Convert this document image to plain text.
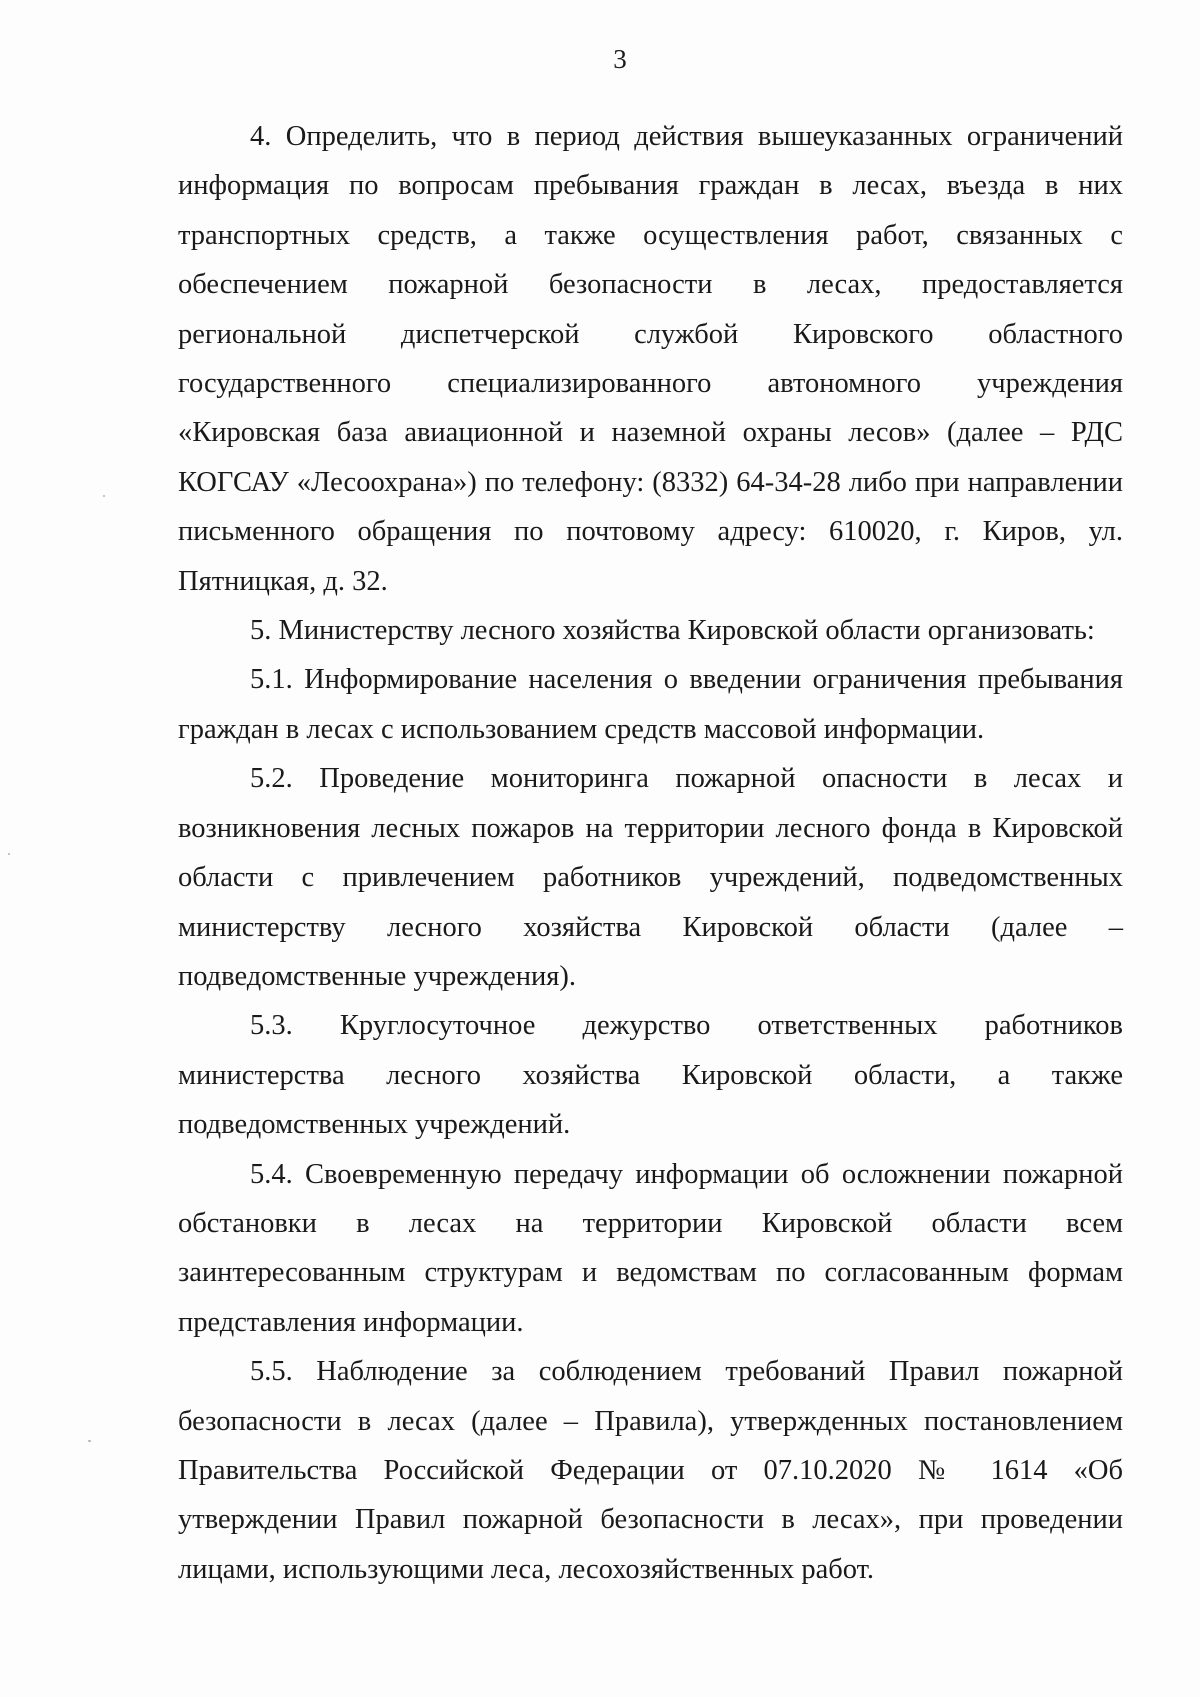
3

4. Определить, что в период действия вышеуказанных ограничений информация по вопросам пребывания граждан в лесах, въезда в них транспортных средств, а также осуществления работ, связанных с обеспечением пожарной безопасности в лесах, предоставляется региональной диспетчерской службой Кировского областного государственного специализированного автономного учреждения «Кировская база авиационной и наземной охраны лесов» (далее – РДС КОГСАУ «Лесоохрана») по телефону: (8332) 64-34-28 либо при направлении письменного обращения по почтовому адресу: 610020, г. Киров, ул. Пятницкая, д. 32.

5. Министерству лесного хозяйства Кировской области организовать:

5.1. Информирование населения о введении ограничения пребывания граждан в лесах с использованием средств массовой информации.

5.2. Проведение мониторинга пожарной опасности в лесах и возникновения лесных пожаров на территории лесного фонда в Кировской области с привлечением работников учреждений, подведомственных министерству лесного хозяйства Кировской области (далее – подведомственные учреждения).

5.3. Круглосуточное дежурство ответственных работников министерства лесного хозяйства Кировской области, а также подведомственных учреждений.

5.4. Своевременную передачу информации об осложнении пожарной обстановки в лесах на территории Кировской области всем заинтересованным структурам и ведомствам по согласованным формам представления информации.

5.5. Наблюдение за соблюдением требований Правил пожарной безопасности в лесах (далее – Правила), утвержденных постановлением Правительства Российской Федерации от 07.10.2020 № 1614 «Об утверждении Правил пожарной безопасности в лесах», при проведении лицами, использующими леса, лесохозяйственных работ.
